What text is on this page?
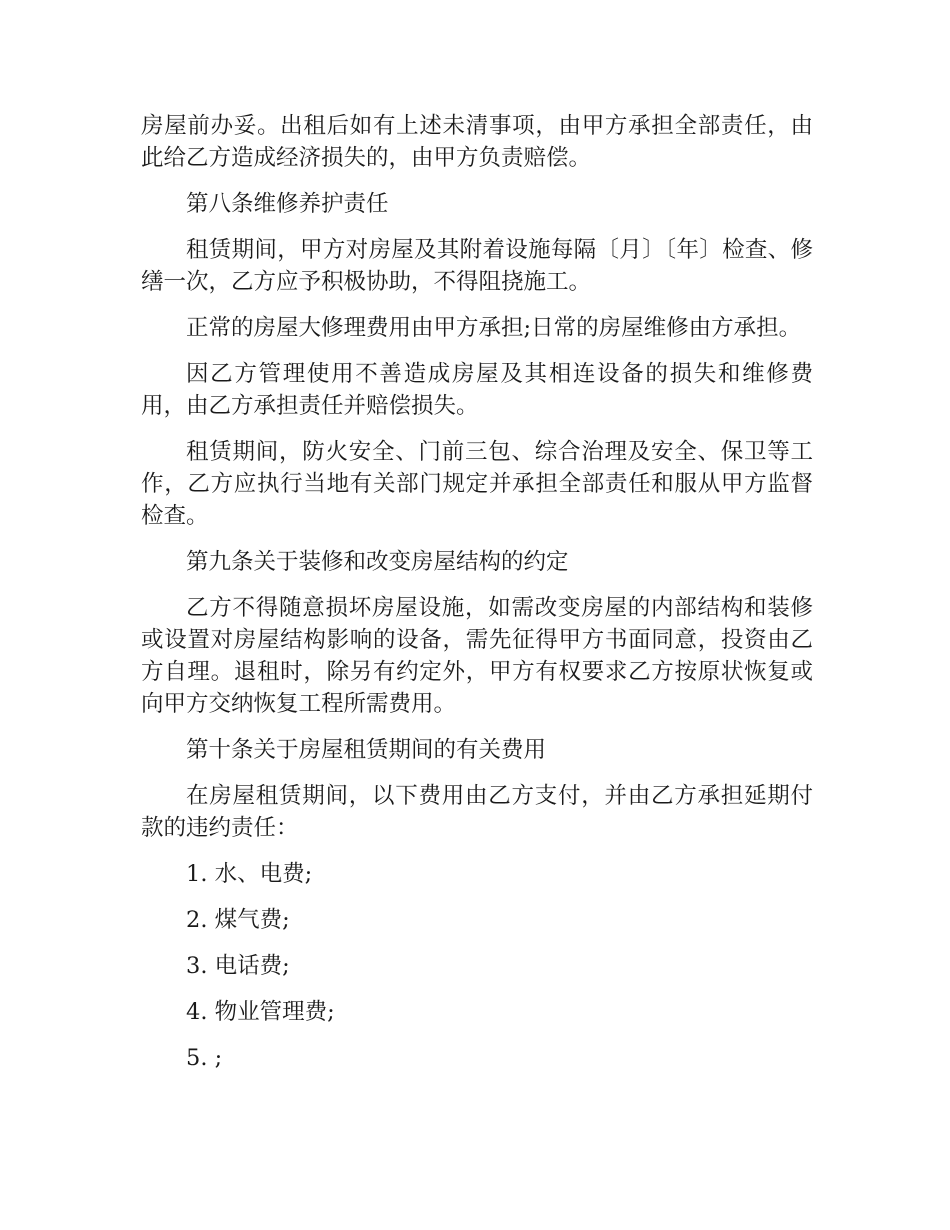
房屋前办妥。出租后如有上述未清事项，由甲方承担全部责任，由此给乙方造成经济损失的，由甲方负责赔偿。

第八条维修养护责任

租赁期间，甲方对房屋及其附着设施每隔〔月〕〔年〕检查、修缮一次，乙方应予积极协助，不得阻挠施工。

正常的房屋大修理费用由甲方承担;日常的房屋维修由方承担。

因乙方管理使用不善造成房屋及其相连设备的损失和维修费用，由乙方承担责任并赔偿损失。

租赁期间，防火安全、门前三包、综合治理及安全、保卫等工作，乙方应执行当地有关部门规定并承担全部责任和服从甲方监督检查。

第九条关于装修和改变房屋结构的约定

乙方不得随意损坏房屋设施，如需改变房屋的内部结构和装修或设置对房屋结构影响的设备，需先征得甲方书面同意，投资由乙方自理。退租时，除另有约定外，甲方有权要求乙方按原状恢复或向甲方交纳恢复工程所需费用。

第十条关于房屋租赁期间的有关费用

在房屋租赁期间，以下费用由乙方支付，并由乙方承担延期付款的违约责任：

1. 水、电费;

2. 煤气费;

3. 电话费;

4. 物业管理费;

5. ;
